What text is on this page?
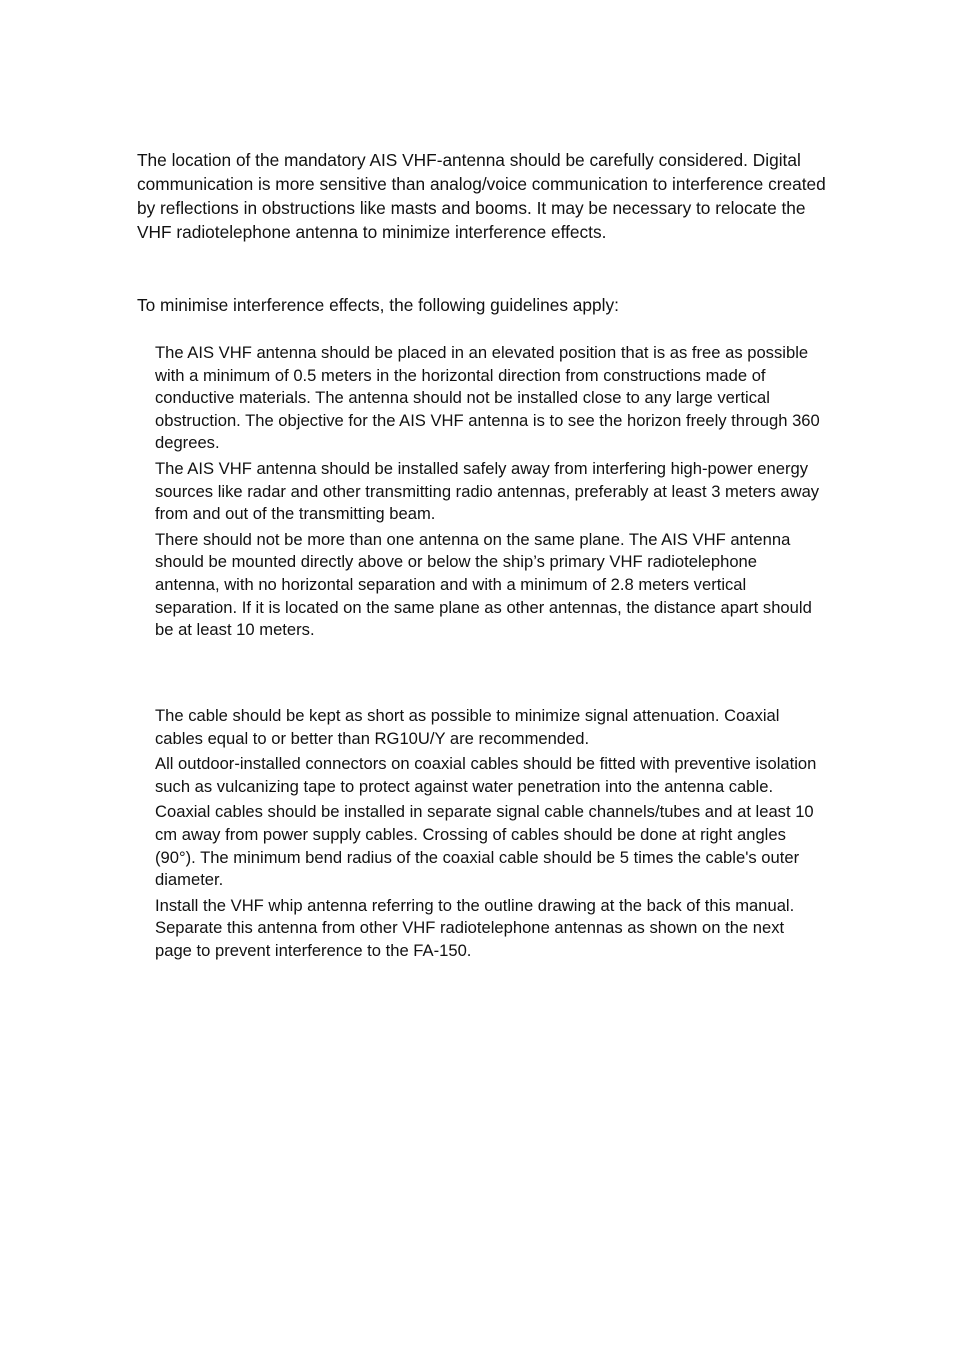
The location of the mandatory AIS VHF-antenna should be carefully considered. Digital communication is more sensitive than analog/voice communication to interference created by reflections in obstructions like masts and booms. It may be necessary to relocate the VHF radiotelephone antenna to minimize interference effects.

To minimise interference effects, the following guidelines apply:

The AIS VHF antenna should be placed in an elevated position that is as free as possible with a minimum of 0.5 meters in the horizontal direction from constructions made of conductive materials. The antenna should not be installed close to any large vertical obstruction. The objective for the AIS VHF antenna is to see the horizon freely through 360 degrees.
The AIS VHF antenna should be installed safely away from interfering high-power energy sources like radar and other transmitting radio antennas, preferably at least 3 meters away from and out of the transmitting beam.
There should not be more than one antenna on the same plane. The AIS VHF antenna should be mounted directly above or below the ship’s primary VHF radiotelephone antenna, with no horizontal separation and with a minimum of 2.8 meters vertical separation. If it is located on the same plane as other antennas, the distance apart should be at least 10 meters.
The cable should be kept as short as possible to minimize signal attenuation. Coaxial cables equal to or better than RG10U/Y are recommended.
All outdoor-installed connectors on coaxial cables should be fitted with preventive isolation such as vulcanizing tape to protect against water penetration into the antenna cable.
Coaxial cables should be installed in separate signal cable channels/tubes and at least 10 cm away from power supply cables. Crossing of cables should be done at right angles (90°). The minimum bend radius of the coaxial cable should be 5 times the cable's outer diameter.
Install the VHF whip antenna referring to the outline drawing at the back of this manual. Separate this antenna from other VHF radiotelephone antennas as shown on the next page to prevent interference to the FA-150.
